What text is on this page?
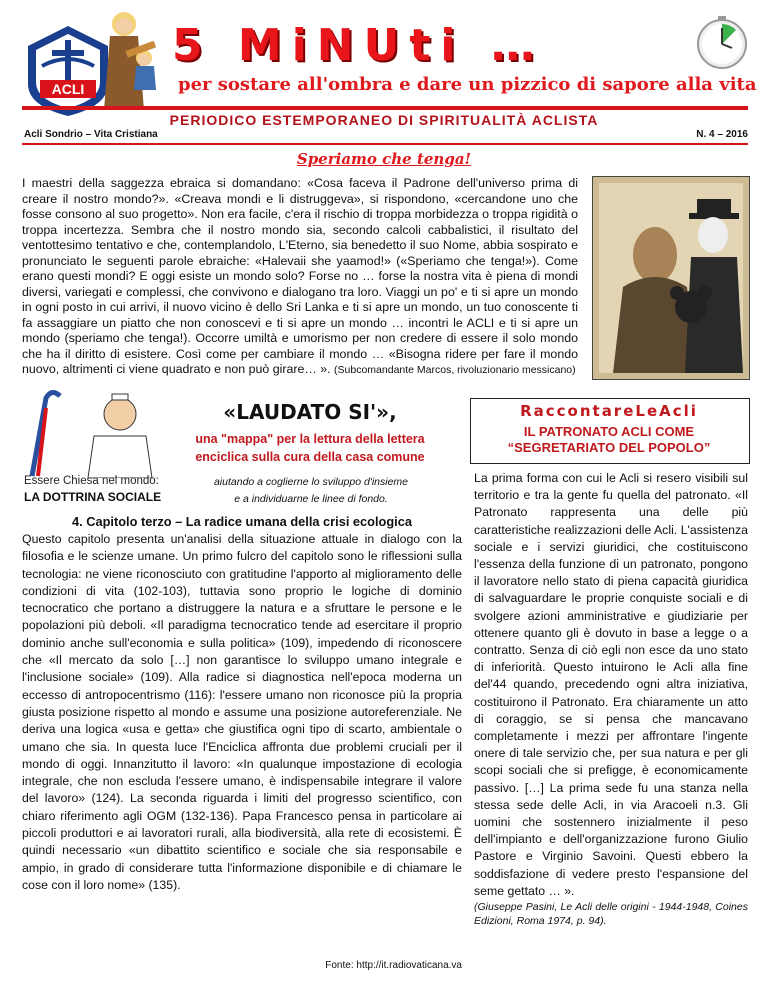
ACLI
5 MiNUti …
per sostare all'ombra e dare un pizzico di sapore alla vita
PERIODICO ESTEMPORANEO DI SPIRITUALITÀ ACLISTA
Acli Sondrio – Vita Cristiana	N. 4 – 2016
Speriamo che tenga!
I maestri della saggezza ebraica si domandano: «Cosa faceva il Padrone dell'universo prima di creare il nostro mondo?». «Creava mondi e li distruggeva», si rispondono, «cercandone uno che fosse consono al suo progetto». Non era facile, c'era il rischio di troppa morbidezza o troppa rigidità o troppa incertezza. Sembra che il nostro mondo sia, secondo calcoli cabbalistici, il risultato del ventottesimo tentativo e che, contemplandolo, L'Eterno, sia benedetto il suo Nome, abbia sospirato e pronunciato le seguenti parole ebraiche: «Halevaii she yaamod!» («Speriamo che tenga!»). Come erano questi mondi? E oggi esiste un mondo solo? Forse no … forse la nostra vita è piena di mondi diversi, variegati e complessi, che convivono e dialogano tra loro. Viaggi un po' e ti si apre un mondo in ogni posto in cui arrivi, il nuovo vicino è dello Sri Lanka e ti si apre un mondo, un tuo conoscente ti fa assaggiare un piatto che non conoscevi e ti si apre un mondo … incontri le ACLI e ti si apre un mondo (speriamo che tenga!). Occorre umiltà e umorismo per non credere di essere il solo mondo che ha il diritto di esistere. Così come per cambiare il mondo … «Bisogna ridere per fare il mondo nuovo, altrimenti ci viene quadrato e non può girare… ». (Subcomandante Marcos, rivoluzionario messicano)
«LAUDATO SI'»,
una "mappa" per la lettura della lettera
enciclica sulla cura della casa comune
Essere Chiesa nel mondo:
LA DOTTRINA SOCIALE
aiutando a coglierne lo sviluppo d'insieme
e a individuarne le linee di fondo.
4. Capitolo terzo – La radice umana della crisi ecologica
Questo capitolo presenta un'analisi della situazione attuale in dialogo con la filosofia e le scienze umane. Un primo fulcro del capitolo sono le riflessioni sulla tecnologia: ne viene riconosciuto con gratitudine l'apporto al miglioramento delle condizioni di vita (102-103), tuttavia sono proprio le logiche di dominio tecnocratico che portano a distruggere la natura e a sfruttare le persone e le popolazioni più deboli. «Il paradigma tecnocratico tende ad esercitare il proprio dominio anche sull'economia e sulla politica» (109), impedendo di riconoscere che «Il mercato da solo […] non garantisce lo sviluppo umano integrale e l'inclusione sociale» (109). Alla radice si diagnostica nell'epoca moderna un eccesso di antropocentrismo (116): l'essere umano non riconosce più la propria giusta posizione rispetto al mondo e assume una posizione autoreferenziale. Ne deriva una logica «usa e getta» che giustifica ogni tipo di scarto, ambientale o umano che sia. In questa luce l'Enciclica affronta due problemi cruciali per il mondo di oggi. Innanzitutto il lavoro: «In qualunque impostazione di ecologia integrale, che non escluda l'essere umano, è indispensabile integrare il valore del lavoro» (124). La seconda riguarda i limiti del progresso scientifico, con chiaro riferimento agli OGM (132-136). Papa Francesco pensa in particolare ai piccoli produttori e ai lavoratori rurali, alla biodiversità, alla rete di ecosistemi. È quindi necessario «un dibattito scientifico e sociale che sia responsabile e ampio, in grado di considerare tutta l'informazione disponibile e di chiamare le cose con il loro nome» (135).
Fonte: http://it.radiovaticana.va
RaccontareLeAcli
IL PATRONATO ACLI COME
“SEGRETARIATO DEL POPOLO”
La prima forma con cui le Acli si resero visibili sul territorio e tra la gente fu quella del patronato. «Il Patronato rappresenta una delle più caratteristiche realizzazioni delle Acli. L'assistenza sociale e i servizi giuridici, che costituiscono l'essenza della funzione di un patronato, pongono il lavoratore nello stato di piena capacità giuridica di salvaguardare le proprie conquiste sociali e di svolgere azioni amministrative e giudiziarie per ottenere quanto gli è dovuto in base a legge o a contratto. Senza di ciò egli non esce da uno stato di inferiorità. Questo intuirono le Acli alla fine del'44 quando, precedendo ogni altra iniziativa, costituirono il Patronato. Era chiaramente un atto di coraggio, se si pensa che mancavano completamente i mezzi per affrontare l'ingente onere di tale servizio che, per sua natura e per gli scopi sociali che si prefigge, è economicamente passivo. […] La prima sede fu una stanza nella stessa sede delle Acli, in via Aracoeli n.3. Gli uomini che sostennero inizialmente il peso dell'impianto e dell'organizzazione furono Giulio Pastore e Virginio Savoini. Questi ebbero la soddisfazione di vedere presto l'espansione del seme gettato … ».
(Giuseppe Pasini, Le Acli delle origini - 1944-1948, Coines Edizioni, Roma 1974, p. 94).
